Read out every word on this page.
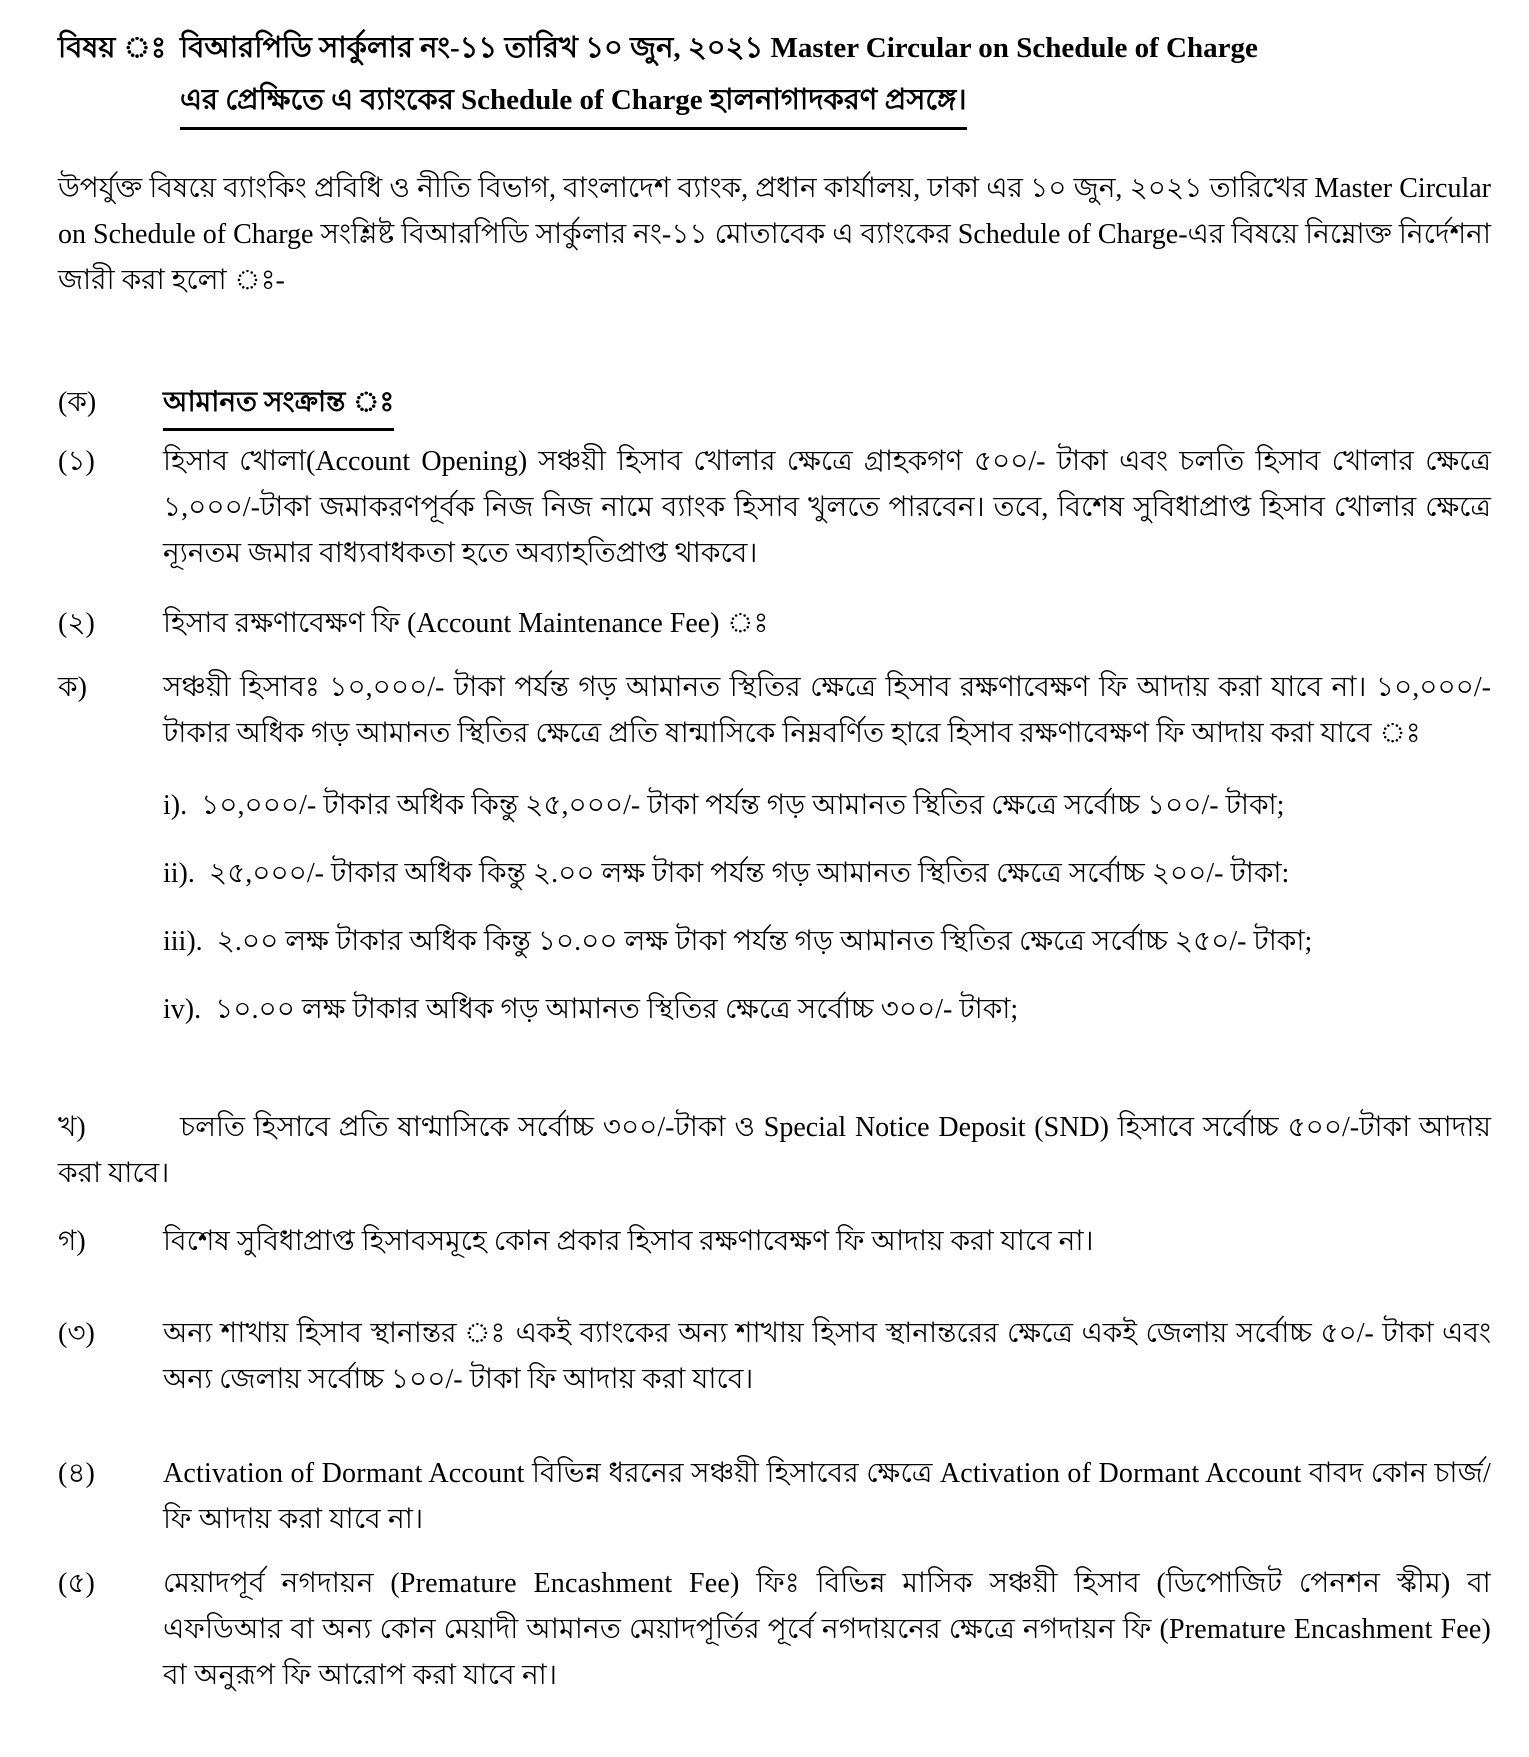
বিষয় ঃ বিআরপিডি সার্কুলার নং-১১ তারিখ ১০ জুন, ২০২১ Master Circular on Schedule of Charge
এর প্রেক্ষিতে এ ব্যাংকের Schedule of Charge হালনাগাদকরণ প্রসঙ্গে।
উপর্যুক্ত বিষয়ে ব্যাংকিং প্রবিধি ও নীতি বিভাগ, বাংলাদেশ ব্যাংক, প্রধান কার্যালয়, ঢাকা এর ১০ জুন, ২০২১ তারিখের Master Circular on Schedule of Charge সংশ্লিষ্ট বিআরপিডি সার্কুলার নং-১১ মোতাবেক এ ব্যাংকের Schedule of Charge-এর বিষয়ে নিম্নোক্ত নির্দেশনা জারী করা হলো ঃ-
(ক)	আমানত সংক্রান্ত ঃ
(১)	হিসাব খোলা(Account Opening) সঞ্চয়ী হিসাব খোলার ক্ষেত্রে গ্রাহকগণ ৫০০/- টাকা এবং চলতি হিসাব খোলার ক্ষেত্রে ১,০০০/-টাকা জমাকরণপূর্বক নিজ নিজ নামে ব্যাংক হিসাব খুলতে পারবেন। তবে, বিশেষ সুবিধাপ্রাপ্ত হিসাব খোলার ক্ষেত্রে ন্যূনতম জমার বাধ্যবাধকতা হতে অব্যাহতিপ্রাপ্ত থাকবে।
(২)	হিসাব রক্ষণাবেক্ষণ ফি (Account Maintenance Fee) ঃ
ক)	সঞ্চয়ী হিসাবঃ ১০,০০০/- টাকা পর্যন্ত গড় আমানত স্থিতির ক্ষেত্রে হিসাব রক্ষণাবেক্ষণ ফি আদায় করা যাবে না। ১০,০০০/- টাকার অধিক গড় আমানত স্থিতির ক্ষেত্রে প্রতি ষান্মাসিকে নিম্নবর্ণিত হারে হিসাব রক্ষণাবেক্ষণ ফি আদায় করা যাবে ঃ
i). ১০,০০০/- টাকার অধিক কিন্তু ২৫,০০০/- টাকা পর্যন্ত গড় আমানত স্থিতির ক্ষেত্রে সর্বোচ্চ ১০০/- টাকা;
ii). ২৫,০০০/- টাকার অধিক কিন্তু ২.০০ লক্ষ টাকা পর্যন্ত গড় আমানত স্থিতির ক্ষেত্রে সর্বোচ্চ ২০০/- টাকা:
iii). ২.০০ লক্ষ টাকার অধিক কিন্তু ১০.০০ লক্ষ টাকা পর্যন্ত গড় আমানত স্থিতির ক্ষেত্রে সর্বোচ্চ ২৫০/- টাকা;
iv). ১০.০০ লক্ষ টাকার অধিক গড় আমানত স্থিতির ক্ষেত্রে সর্বোচ্চ ৩০০/- টাকা;
খ)	চলতি হিসাবে প্রতি ষাণ্মাসিকে সর্বোচ্চ ৩০০/-টাকা ও Special Notice Deposit (SND) হিসাবে সর্বোচ্চ ৫০০/-টাকা আদায় করা যাবে।
গ)	বিশেষ সুবিধাপ্রাপ্ত হিসাবসমূহে কোন প্রকার হিসাব রক্ষণাবেক্ষণ ফি আদায় করা যাবে না।
(৩)	অন্য শাখায় হিসাব স্থানান্তর ঃ একই ব্যাংকের অন্য শাখায় হিসাব স্থানান্তরের ক্ষেত্রে একই জেলায় সর্বোচ্চ ৫০/- টাকা এবং অন্য জেলায় সর্বোচ্চ ১০০/- টাকা ফি আদায় করা যাবে।
(৪)	Activation of Dormant Account বিভিন্ন ধরনের সঞ্চয়ী হিসাবের ক্ষেত্রে Activation of Dormant Account বাবদ কোন চার্জ/ফি আদায় করা যাবে না।
(৫)	মেয়াদপূর্ব নগদায়ন (Premature Encashment Fee) ফিঃ বিভিন্ন মাসিক সঞ্চয়ী হিসাব (ডিপোজিট পেনশন স্কীম) বা এফডিআর বা অন্য কোন মেয়াদী আমানত মেয়াদপূর্তির পূর্বে নগদায়নের ক্ষেত্রে নগদায়ন ফি (Premature Encashment Fee) বা অনুরূপ ফি আরোপ করা যাবে না।
